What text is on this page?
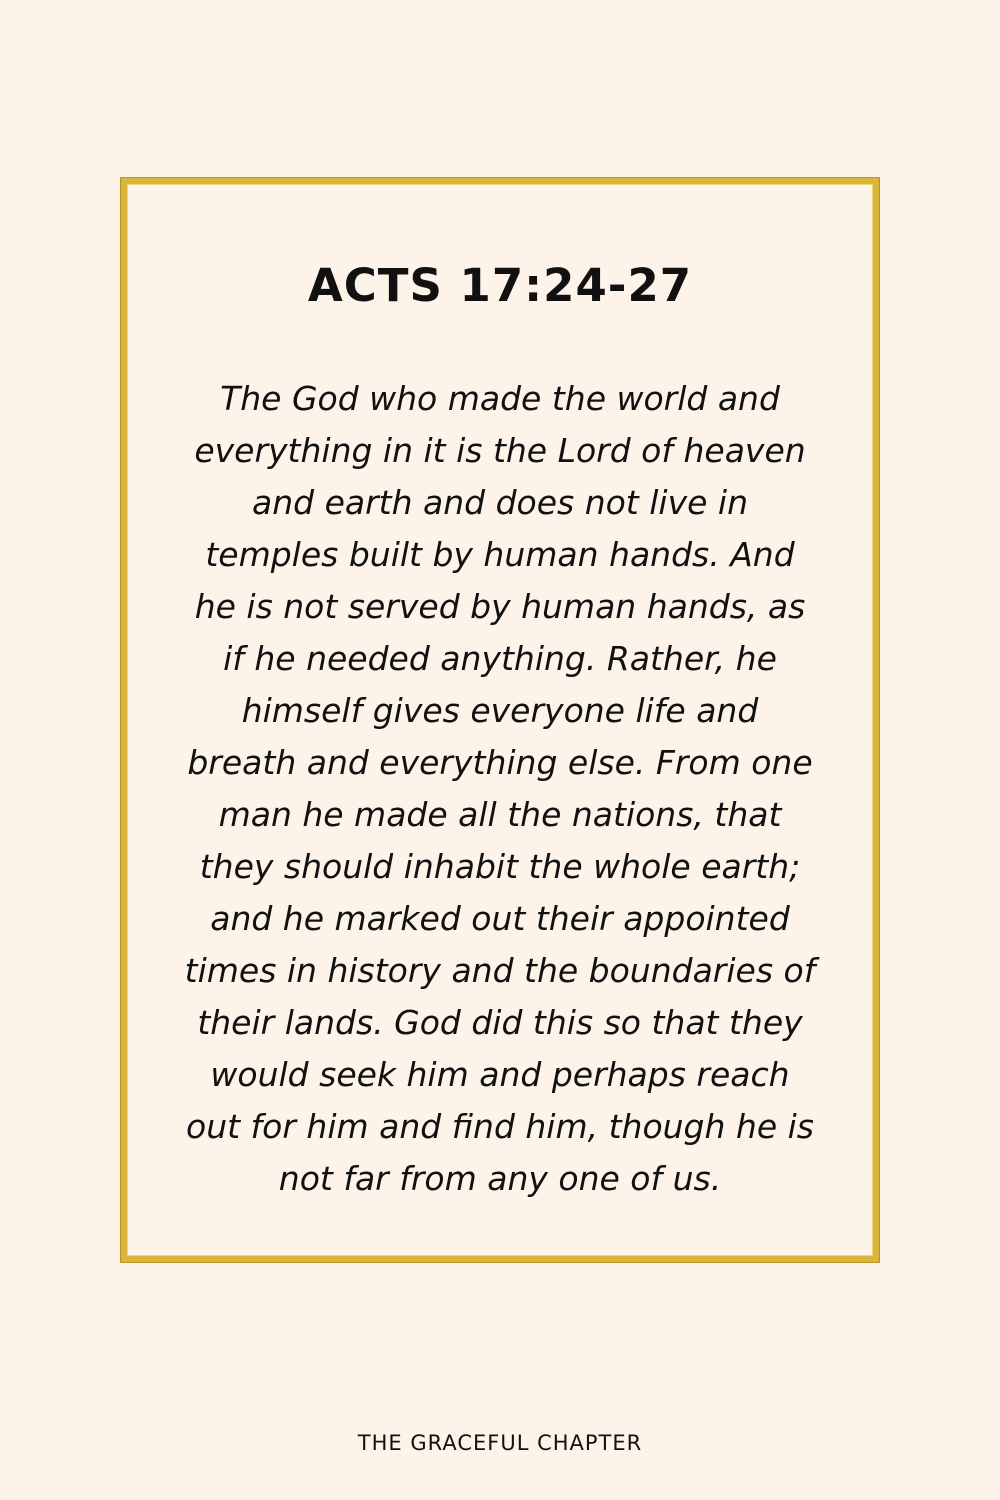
ACTS 17:24-27
The God who made the world and
everything in it is the Lord of heaven
and earth and does not live in
temples built by human hands. And
he is not served by human hands, as
if he needed anything. Rather, he
himself gives everyone life and
breath and everything else. From one
man he made all the nations, that
they should inhabit the whole earth;
and he marked out their appointed
times in history and the boundaries of
their lands. God did this so that they
would seek him and perhaps reach
out for him and find him, though he is
not far from any one of us.
THE GRACEFUL CHAPTER
